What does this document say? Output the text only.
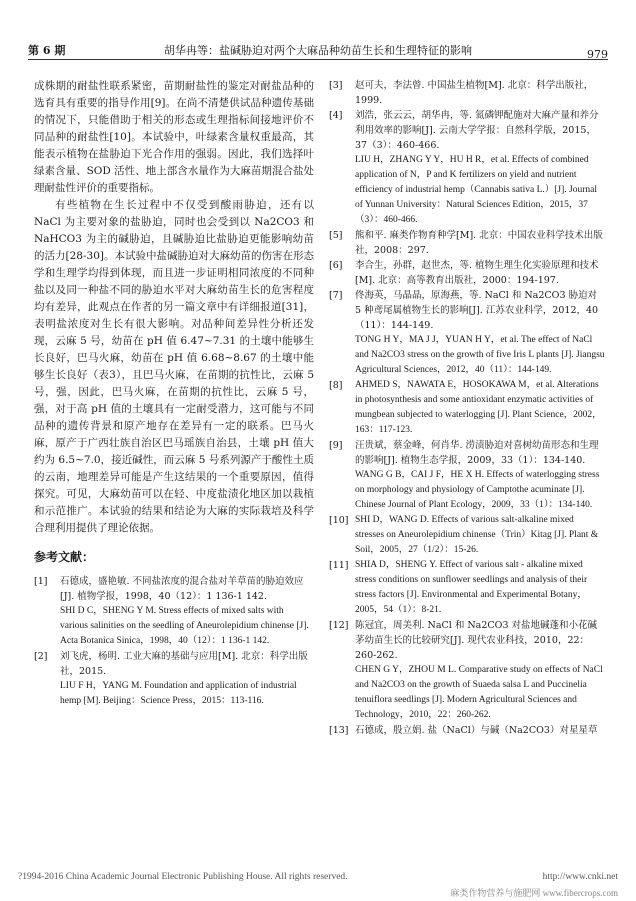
第 6 期	胡华冉等：盐碱胁迫对两个大麻品种幼苗生长和生理特征的影响	979

成株期的耐盐性联系紧密，苗期耐盐性的鉴定对耐盐品种的选育具有重要的指导作用[9]。在尚不清楚供试品种遗传基础的情况下，只能借助于相关的形态或生理指标间接地评价不同品种的耐盐性[10]。本试验中，叶绿素含量权重最高，其能表示植物在盐胁迫下光合作用的强弱。因此，我们选择叶绿素含量、SOD 活性、地上部含水量作为大麻苗期混合盐处理耐盐性评价的重要指标。

有些植物在生长过程中不仅受到酸雨胁迫，还有以 NaCl 为主要对象的盐胁迫，同时也会受到以 Na2CO3 和 NaHCO3 为主的碱胁迫，且碱胁迫比盐胁迫更能影响幼苗的活力[28-30]。本试验中盐碱胁迫对大麻幼苗的伤害在形态学和生理学均得到体现，而且进一步证明相同浓度的不同种盐以及同一种盐不同的胁迫水平对大麻幼苗生长的危害程度均有差异，此观点在作者的另一篇文章中有详细报道[31]，表明盐浓度对生长有很大影响。对品种间差异性分析还发现，云麻 5 号，幼苗在 pH 值 6.47~7.31 的土壤中能够生长良好，巴马火麻，幼苗在 pH 值 6.68~8.67 的土壤中能够生长良好（表3），且巴马火麻，在苗期的抗性比，云麻 5 号，强，因此，巴马火麻，在苗期的抗性比，云麻 5 号，强，对于高 pH 值的土壤具有一定耐受潜力，这可能与不同品种的遗传背景和原产地存在差异有一定的联系。巴马火麻，原产于广西壮族自治区巴马瑶族自治县，土壤 pH 值大约为 6.5~7.0，接近碱性，而云麻 5 号系列源产于酸性土质的云南，地理差异可能是产生这结果的一个重要原因，值得探究。可见，大麻幼苗可以在轻、中度盐渍化地区加以栽植和示范推广。本试验的结果和结论为大麻的实际栽培及科学合理利用提供了理论依据。

参考文献：
[1]	石德成，盛艳敏. 不同盐浓度的混合盐对羊草苗的胁迫效应[J]. 植物学报，1998，40（12）：1 136-1 142.
SHI D C，SHENG Y M. Stress effects of mixed salts with various salinities on the seedling of Aneurolepidium chinense [J]. Acta Botanica Sinica，1998，40（12）：1 136-1 142.
[2]	刘飞虎，杨明. 工业大麻的基础与应用[M]. 北京：科学出版社，2015.
LIU F H，YANG M. Foundation and application of industrial hemp [M]. Beijing：Science Press，2015：113-116.
[3]	赵可夫，李法曾. 中国盐生植物[M]. 北京：科学出版社，1999.
[4]	刘浩，张云云，胡华冉，等. 氮磷钾配施对大麻产量和养分利用效率的影响[J]. 云南大学学报：自然科学版，2015，37（3）：460-466.
LIU H，ZHANG Y Y，HU H R，et al. Effects of combined application of N，P and K fertilizers on yield and nutrient efficiency of industrial hemp（Cannabis sativa L.）[J]. Journal of Yunnan University：Natural Sciences Edition，2015，37（3）：460-466.
[5]	熊和平. 麻类作物育种学[M]. 北京：中国农业科学技术出版社，2008：297.
[6]	李合生，孙群，赵世杰，等. 植物生理生化实验原理和技术[M]. 北京：高等教育出版社，2000：194-197.
[7]	佟海英，马晶晶，原海燕，等. NaCl 和 Na2CO3 胁迫对 5 种鸢尾属植物生长的影响[J]. 江苏农业科学，2012，40（11）：144-149.
TONG H Y，MA J J，YUAN H Y，et al. The effect of NaCl and Na2CO3 stress on the growth of five Iris L plants [J]. Jiangsu Agricultural Sciences，2012，40（11）：144-149.
[8]	AHMED S，NAWATA E，HOSOKAWA M，et al. Alterations in photosynthesis and some antioxidant enzymatic activities of mungbean subjected to waterlogging [J]. Plant Science，2002，163：117-123.
[9]	汪贵斌，蔡金峰，何肖华. 涝渍胁迫对喜树幼苗形态和生理的影响[J]. 植物生态学报，2009，33（1）：134-140.
WANG G B，CAI J F，HE X H. Effects of waterlogging stress on morphology and physiology of Camptothe acuminate [J]. Chinese Journal of Plant Ecology，2009，33（1）：134-140.
[10] SHI D，WANG D. Effects of various salt-alkaline mixed stresses on Aneurolepidium chinense（Trin）Kitag [J]. Plant & Soil，2005，27（1/2）：15-26.
[11] SHIA D，SHENG Y. Effect of various salt - alkaline mixed stress conditions on sunflower seedlings and analysis of their stress factors [J]. Environmental and Experimental Botany，2005，54（1）：8-21.
[12] 陈冠宜，周美利. NaCl 和 Na2CO3 对盐地碱蓬和小花碱茅幼苗生长的比较研究[J]. 现代农业科技，2010，22：260-262.
CHEN G Y，ZHOU M L. Comparative study on effects of NaCl and Na2CO3 on the growth of Suaeda salsa L and Puccinelia tenuiflora seedlings [J]. Modern Agricultural Sciences and Technology，2010，22：260-262.
[13] 石德成，殷立娟. 盐（NaCl）与碱（Na2CO3）对星星草
?1994-2016 China Academic Journal Electronic Publishing House. All rights reserved.	http://www.cnki.net
麻类作物营养与施肥网 www.fibercrops.com
